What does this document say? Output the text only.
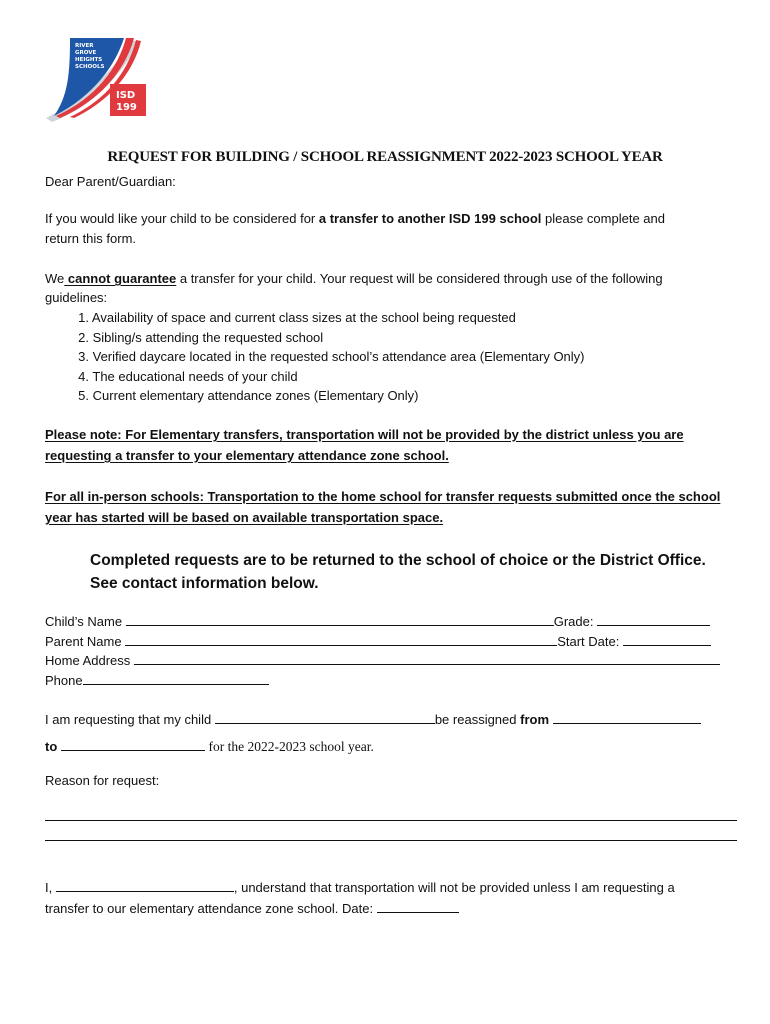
RIVER
GROVE
HEIGHTS
SCHOOLS
ISD
199
REQUEST FOR BUILDING / SCHOOL REASSIGNMENT 2022-2023 SCHOOL YEAR
Dear Parent/Guardian:
If you would like your child to be considered for a transfer to another ISD 199 school please complete and
return this form.
We cannot guarantee a transfer for your child. Your request will be considered through use of the following
guidelines:
1. Availability of space and current class sizes at the school being requested
2. Sibling/s attending the requested school
3. Verified daycare located in the requested school’s attendance area (Elementary Only)
4. The educational needs of your child
5. Current elementary attendance zones (Elementary Only)
Please note: For Elementary transfers, transportation will not be provided by the district unless you are
requesting a transfer to your elementary attendance zone school.
For all in-person schools: Transportation to the home school for transfer requests submitted once the school
year has started will be based on available transportation space.
Completed requests are to be returned to the school of choice or the District Office.
See contact information below.
Child’s Name	Grade:
Parent Name	Start Date:
Home Address
Phone
I am requesting that my child	be reassigned from
to	for the 2022-2023 school year.
Reason for request:
I,	, understand that transportation will not be provided unless I am requesting a
transfer to our elementary attendance zone school. Date:
